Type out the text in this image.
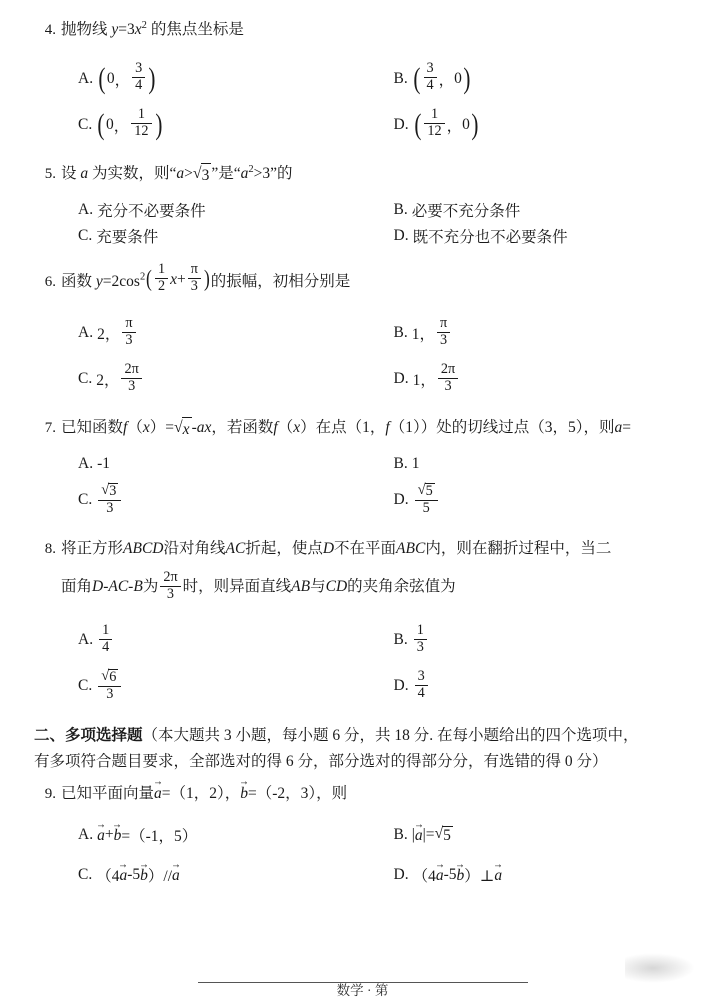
4. 抛物线 $y=3x^2$ 的焦点坐标是
A. ( 0 ， $\frac{3}{4}$ )	B. ( $\frac{3}{4}$ ， 0 )
C. ( 0 ， $\frac{1}{12}$ )	D. ( $\frac{1}{12}$ ， 0 )
5. 设 a 为实数，则“a> √ 3 ”是“$a^2>3$”的
A. 充分不必要条件	B. 必要不充分条件
C. 充要条件	D. 既不充分也不必要条件
6. 函数 $y=2\cos^2$ ( $\frac{1}{2}$ $x + \frac{\pi}{3}$ ) 的振幅，初相分别是
A. 2， $\frac{\pi}{3}$	B. 1， $\frac{\pi}{3}$
C. 2， $\frac{2\pi}{3}$	D. 1， $\frac{2\pi}{3}$
7. 已知函数f（x）= √ x -ax，若函数f（x）在点（1，f（1））处的切线过点（3，5），则a=
A. -1	B. 1
C. $\frac{√ 3}{3}$	D. $\frac{√ 5}{5}$
8. 将正方形ABCD沿对角线AC折起，使点D不在平面ABC内，则在翻折过程中，当二
面角D-AC-B为 $\frac{2\pi}{3}$ 时，则异面直线AB与CD的夹角余弦值为
A. $\frac{1}{4}$	B. $\frac{1}{3}$
C. $\frac{√ 6}{3}$	D. $\frac{3}{4}$
二、多项选择题（本大题共 3 小题，每小题 6 分，共 18 分. 在每小题给出的四个选项中，
有多项符合题目要求，全部选对的得 6 分，部分选对的得部分分，有选错的得 0 分）
9. 已知平面向量a →=（1，2），b →=（-2，3），则
A. a → + b → =（-1，5）	B. | a → | = √ 5
C. （4 a → -5 b → ）// a →	D. （4 a → -5 b → ）⊥ a →
数学 · 第
